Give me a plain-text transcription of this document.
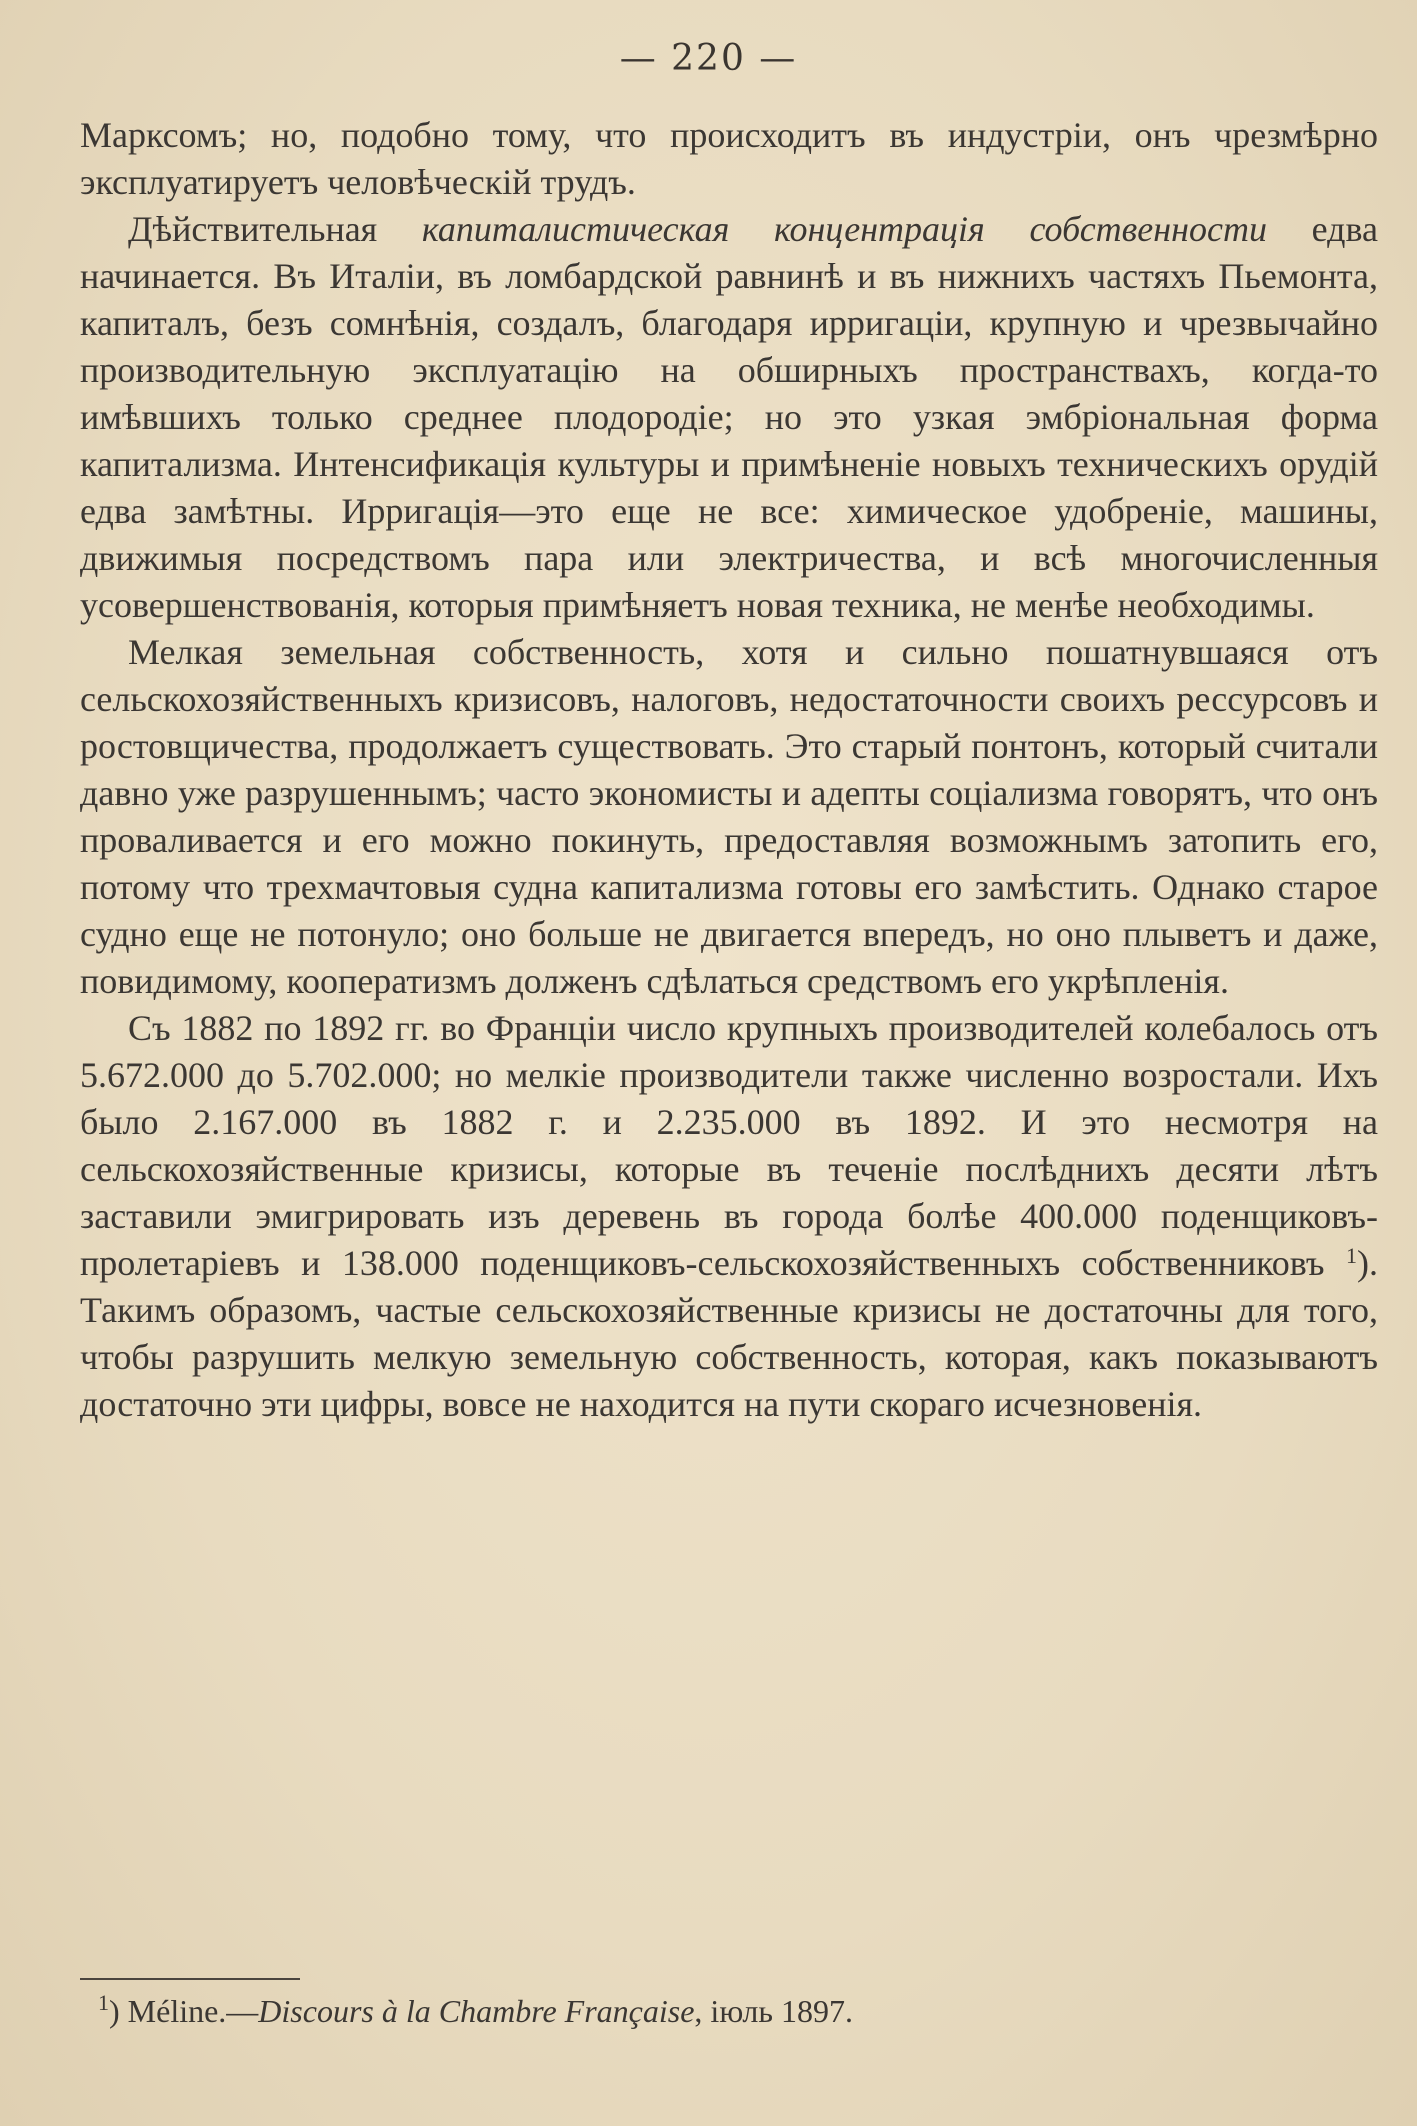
— 220 —

Марксомъ; но, подобно тому, что происходитъ въ индустріи, онъ чрезмѣрно эксплуатируетъ человѣческій трудъ.

Дѣйствительная капиталистическая концентрація собственности едва начинается. Въ Италіи, въ ломбардской равнинѣ и въ нижнихъ частяхъ Пьемонта, капиталъ, безъ сомнѣнія, создалъ, благодаря ирригаціи, крупную и чрезвычайно производительную эксплуатацію на обширныхъ пространствахъ, когда-то имѣвшихъ только среднее плодородіе; но это узкая эмбріональная форма капитализма. Интенсификація культуры и примѣненіе новыхъ техническихъ орудій едва замѣтны. Ирригація—это еще не все: химическое удобреніе, машины, движимыя посредствомъ пара или электричества, и всѣ многочисленныя усовершенствованія, которыя примѣняетъ новая техника, не менѣе необходимы.

Мелкая земельная собственность, хотя и сильно пошатнувшаяся отъ сельскохозяйственныхъ кризисовъ, налоговъ, недостаточности своихъ рессурсовъ и ростовщичества, продолжаетъ существовать. Это старый понтонъ, который считали давно уже разрушеннымъ; часто экономисты и адепты соціализма говорятъ, что онъ проваливается и его можно покинуть, предоставляя возможнымъ затопить его, потому что трехмачтовыя судна капитализма готовы его замѣстить. Однако старое судно еще не потонуло; оно больше не двигается впередъ, но оно плыветъ и даже, повидимому, кооператизмъ долженъ сдѣлаться средствомъ его укрѣпленія.

Съ 1882 по 1892 гг. во Франціи число крупныхъ производителей колебалось отъ 5.672.000 до 5.702.000; но мелкіе производители также численно возростали. Ихъ было 2.167.000 въ 1882 г. и 2.235.000 въ 1892. И это несмотря на сельскохозяйственные кризисы, которые въ теченіе послѣднихъ десяти лѣтъ заставили эмигрировать изъ деревень въ города болѣе 400.000 поденщиковъ-пролетаріевъ и 138.000 поденщиковъ-сельскохозяйственныхъ собственниковъ $^1$). Такимъ образомъ, частые сельскохозяйственные кризисы не достаточны для того, чтобы разрушить мелкую земельную собственность, которая, какъ показываютъ достаточно эти цифры, вовсе не находится на пути скораго исчезновенія.

$^1$) Méline.—Discours à la Chambre Française, іюль 1897.
